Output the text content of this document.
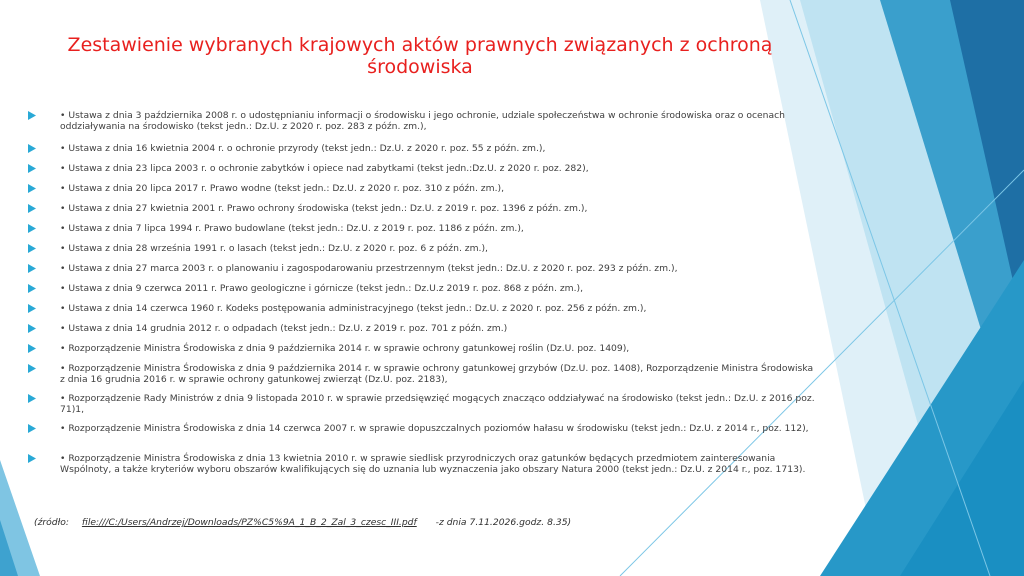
Zestawienie wybranych krajowych aktów prawnych związanych z ochroną środowiska
• Ustawa z dnia 3 października 2008 r. o udostępnianiu informacji o środowisku i jego ochronie, udziale społeczeństwa w ochronie środowiska oraz o ocenach oddziaływania na środowisko (tekst jedn.: Dz.U. z 2020 r. poz. 283 z późn. zm.),
• Ustawa z dnia 16 kwietnia 2004 r. o ochronie przyrody (tekst jedn.: Dz.U. z 2020 r. poz. 55 z późn. zm.),
• Ustawa z dnia 23 lipca 2003 r. o ochronie zabytków i opiece nad zabytkami (tekst jedn.:Dz.U. z 2020 r. poz. 282),
• Ustawa z dnia 20 lipca 2017 r. Prawo wodne (tekst jedn.: Dz.U. z 2020 r. poz. 310 z późn. zm.),
• Ustawa z dnia 27 kwietnia 2001 r. Prawo ochrony środowiska (tekst jedn.: Dz.U. z 2019 r. poz. 1396 z późn. zm.),
• Ustawa z dnia 7 lipca 1994 r. Prawo budowlane (tekst jedn.: Dz.U. z 2019 r. poz. 1186 z późn. zm.),
• Ustawa z dnia 28 września 1991 r. o lasach (tekst jedn.: Dz.U. z 2020 r. poz. 6 z późn. zm.),
• Ustawa z dnia 27 marca 2003 r. o planowaniu i zagospodarowaniu przestrzennym (tekst jedn.: Dz.U. z 2020 r. poz. 293 z późn. zm.),
• Ustawa z dnia 9 czerwca 2011 r. Prawo geologiczne i górnicze (tekst jedn.: Dz.U.z 2019 r. poz. 868 z późn. zm.),
• Ustawa z dnia 14 czerwca 1960 r. Kodeks postępowania administracyjnego (tekst jedn.: Dz.U. z 2020 r. poz. 256 z późn. zm.),
• Ustawa z dnia 14 grudnia 2012 r. o odpadach (tekst jedn.: Dz.U. z 2019 r. poz. 701 z późn. zm.)
• Rozporządzenie Ministra Środowiska z dnia 9 października 2014 r. w sprawie ochrony gatunkowej roślin (Dz.U. poz. 1409),
• Rozporządzenie Ministra Środowiska z dnia 9 października 2014 r. w sprawie ochrony gatunkowej grzybów (Dz.U. poz. 1408), Rozporządzenie Ministra Środowiska z dnia 16 grudnia 2016 r. w sprawie ochrony gatunkowej zwierząt (Dz.U. poz. 2183),
• Rozporządzenie Rady Ministrów z dnia 9 listopada 2010 r. w sprawie przedsięwzięć mogących znacząco oddziaływać na środowisko (tekst jedn.: Dz.U. z 2016 poz. 71)1,
• Rozporządzenie Ministra Środowiska z dnia 14 czerwca 2007 r. w sprawie dopuszczalnych poziomów hałasu w środowisku (tekst jedn.: Dz.U. z 2014 r., poz. 112),
• Rozporządzenie Ministra Środowiska z dnia 13 kwietnia 2010 r. w sprawie siedlisk przyrodniczych oraz gatunków będących przedmiotem zainteresowania Wspólnoty, a także kryteriów wyboru obszarów kwalifikujących się do uznania lub wyznaczenia jako obszary Natura 2000 (tekst jedn.: Dz.U. z 2014 r., poz. 1713).
(źródło: file:///C:/Users/Andrzej/Downloads/PZ%C5%9A_1_B_2_Zal_3_czesc_III.pdf -z dnia 7.11.2026.godz. 8.35)
